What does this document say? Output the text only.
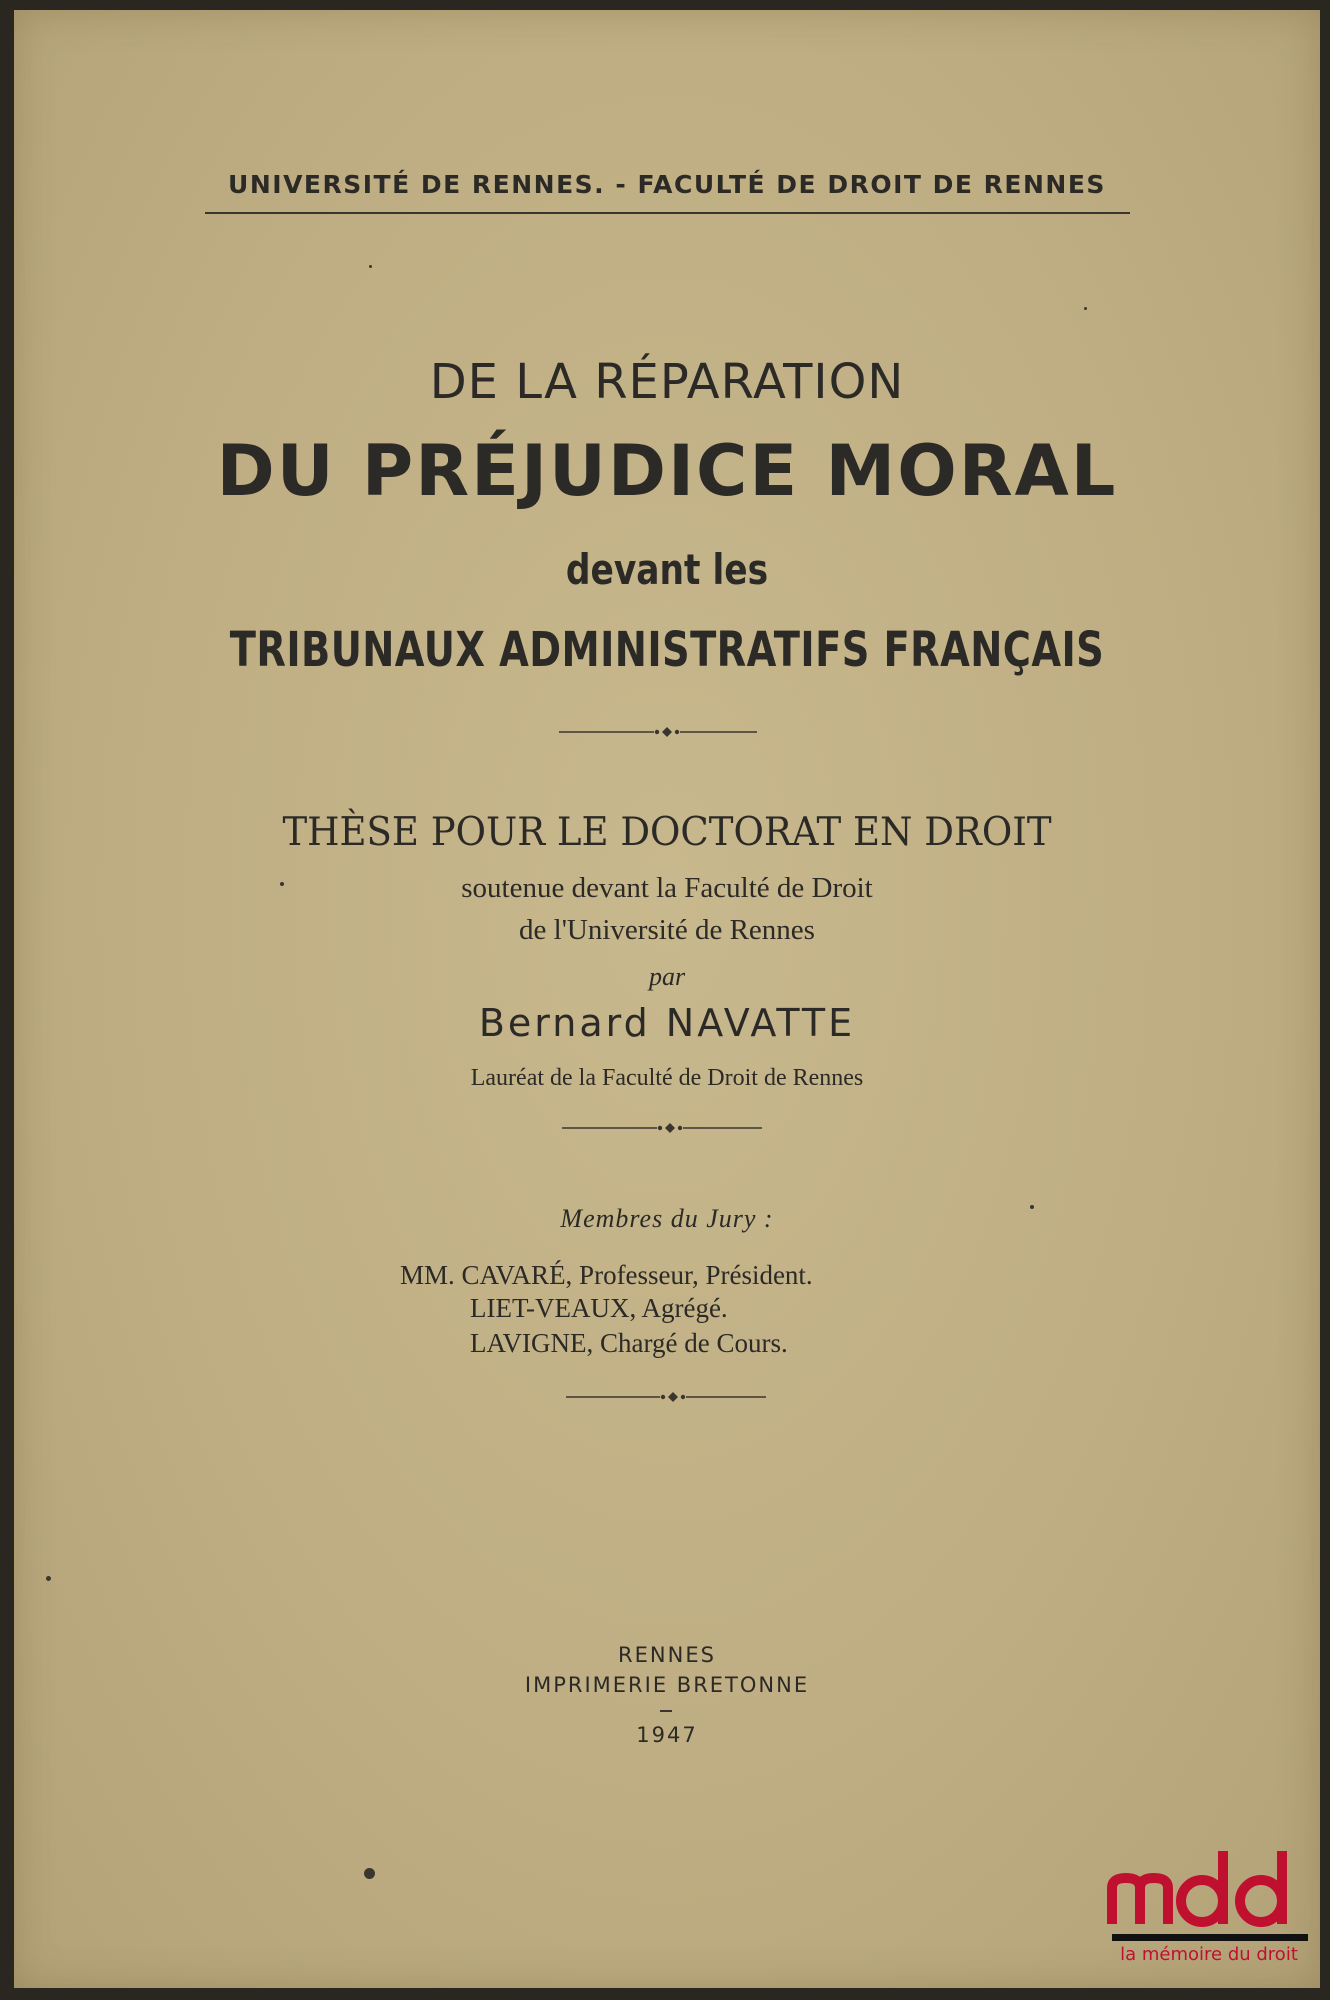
UNIVERSITÉ DE RENNES. - FACULTÉ DE DROIT DE RENNES
DE LA RÉPARATION
DU PRÉJUDICE MORAL
devant les
TRIBUNAUX ADMINISTRATIFS FRANÇAIS
THÈSE POUR LE DOCTORAT EN DROIT
soutenue devant la Faculté de Droit
de l'Université de Rennes
par
Bernard NAVATTE
Lauréat de la Faculté de Droit de Rennes
Membres du Jury :
MM. CAVARÉ, Professeur, Président.
LIET-VEAUX, Agrégé.
LAVIGNE, Chargé de Cours.
RENNES
IMPRIMERIE BRETONNE
1947
la mémoire du droit
